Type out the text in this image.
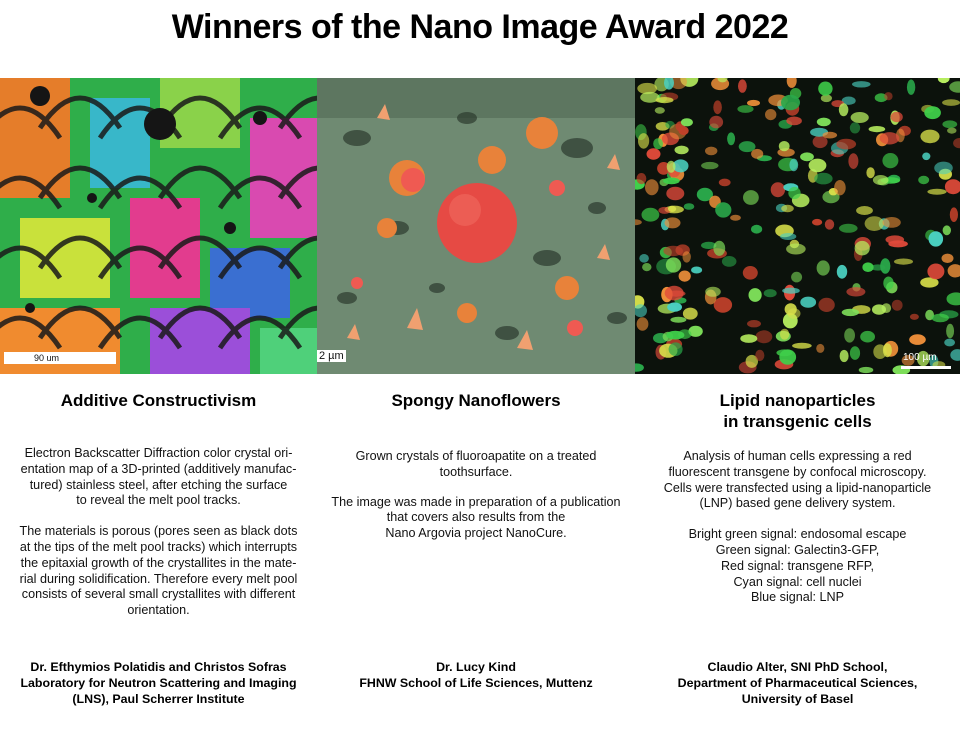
Winners of the Nano Image Award 2022
90 um	2 µm	100 µm
Additive Constructivism
Electron Backscatter Diffraction color crystal ori-
entation map of a 3D-printed (additively manufac-
tured) stainless steel, after etching the surface
to reveal the melt pool tracks.
The materials is porous (pores seen as black dots
at the tips of the melt pool tracks) which interrupts
the epitaxial growth of the crystallites in the mate-
rial during solidification. Therefore every melt pool
consists of several small crystallites with different
orientation.
Spongy Nanoflowers
Grown crystals of fluoroapatite on a treated
toothsurface.
The image was made in preparation of a publication
that covers also results from the
Nano Argovia project NanoCure.
Lipid nanoparticles
in transgenic cells
Analysis of human cells expressing a red
fluorescent transgene by confocal microscopy.
Cells were transfected using a lipid-nanoparticle
(LNP) based gene delivery system.
Bright green signal: endosomal escape
Green signal: Galectin3-GFP,
Red signal: transgene RFP,
Cyan signal: cell nuclei
Blue signal: LNP
Dr. Efthymios Polatidis and Christos Sofras
Laboratory for Neutron Scattering and Imaging
(LNS), Paul Scherrer Institute
Dr. Lucy Kind
FHNW School of Life Sciences, Muttenz
Claudio Alter, SNI PhD School,
Department of Pharmaceutical Sciences,
University of Basel
